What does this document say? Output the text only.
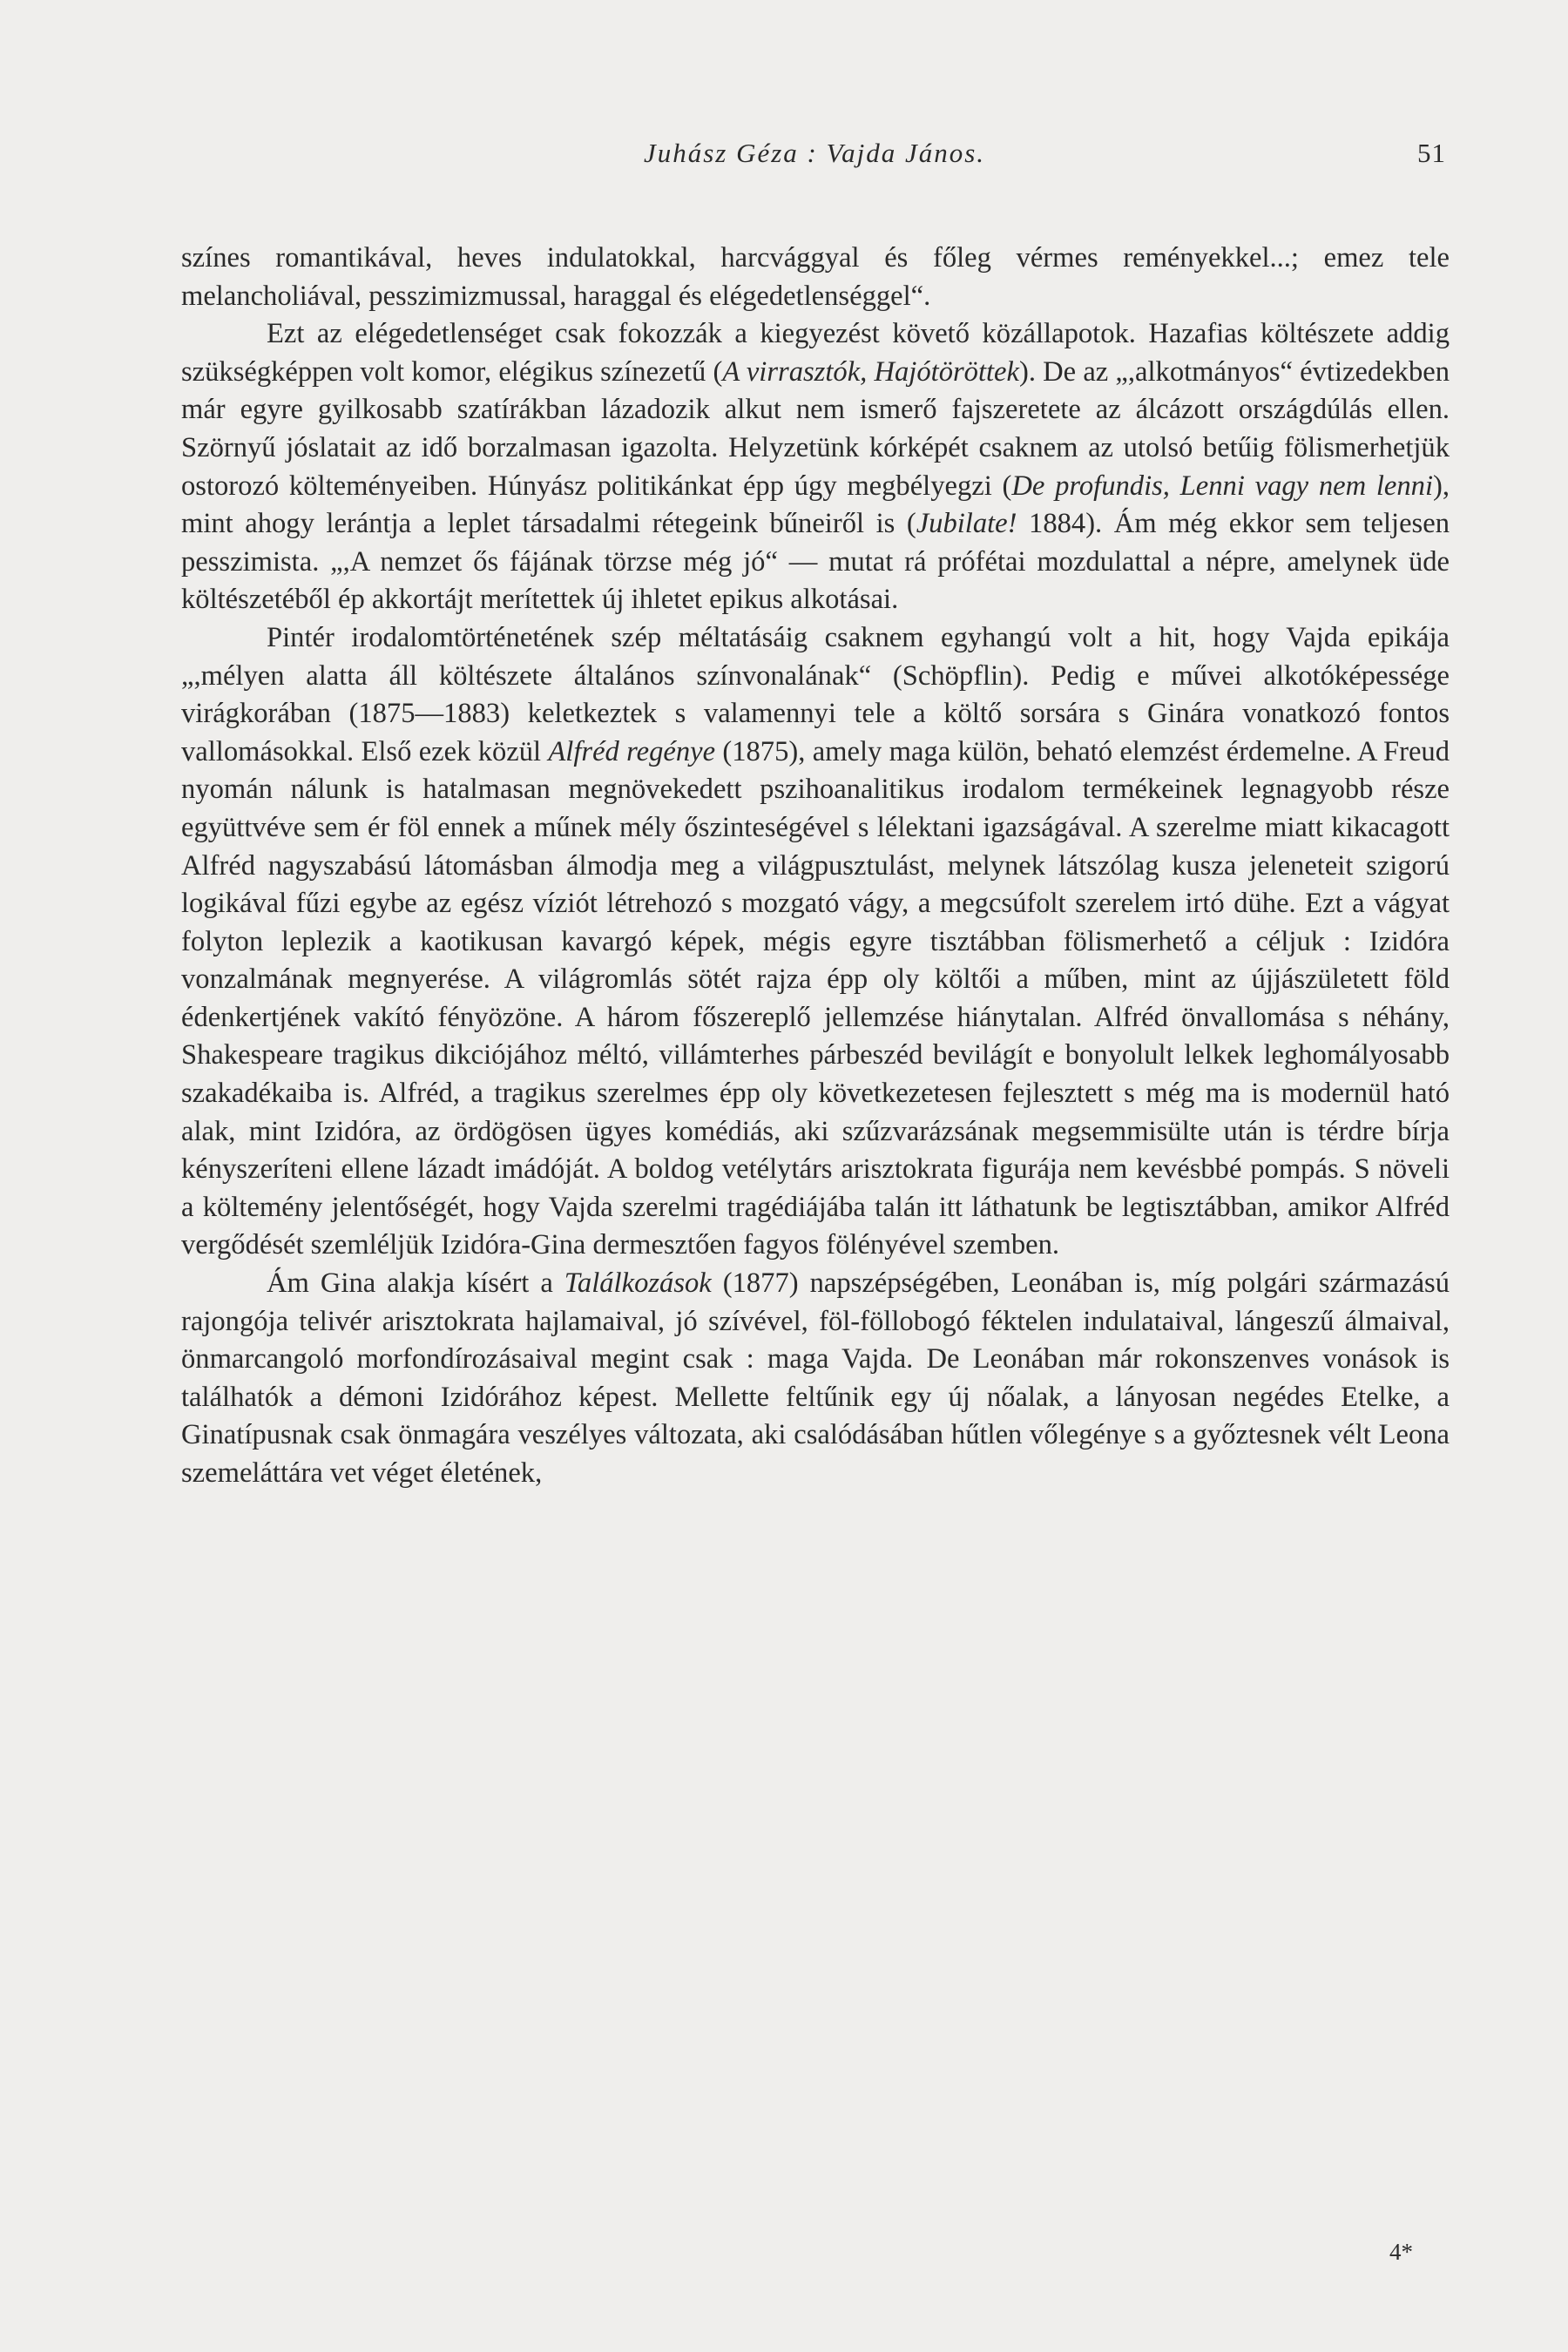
Juhász Géza : Vajda János.	51

színes romantikával, heves indulatokkal, harcvággyal és főleg vérmes reményekkel...; emez tele melancholiával, pesszimizmussal, haraggal és elégedetlenséggel“.

Ezt az elégedetlenséget csak fokozzák a kiegyezést követő közállapotok. Hazafias költészete addig szükségképpen volt komor, elégikus színezetű (A virrasztók, Hajótöröttek). De az „,alkotmányos“ évtizedekben már egyre gyilkosabb szatírákban lázadozik alkut nem ismerő fajszeretete az álcázott országdúlás ellen. Szörnyű jóslatait az idő borzalmasan igazolta. Helyzetünk kórképét csaknem az utolsó betűig fölismerhetjük ostorozó költeményeiben. Húnyász politikánkat épp úgy megbélyegzi (De profundis, Lenni vagy nem lenni), mint ahogy lerántja a leplet társadalmi rétegeink bűneiről is (Jubilate! 1884). Ám még ekkor sem teljesen pesszimista. „,A nemzet ős fájának törzse még jó“ — mutat rá prófétai mozdulattal a népre, amelynek üde költészetéből ép akkortájt merítettek új ihletet epikus alkotásai.

Pintér irodalomtörténetének szép méltatásáig csaknem egyhangú volt a hit, hogy Vajda epikája „,mélyen alatta áll költészete általános színvonalának“ (Schöpflin). Pedig e művei alkotóképessége virágkorában (1875—1883) keletkeztek s valamennyi tele a költő sorsára s Ginára vonatkozó fontos vallomásokkal. Első ezek közül Alfréd regénye (1875), amely maga külön, beható elemzést érdemelne. A Freud nyomán nálunk is hatalmasan megnövekedett pszihoanalitikus irodalom termékeinek legnagyobb része együttvéve sem ér föl ennek a műnek mély őszinteségével s lélektani igazságával. A szerelme miatt kikacagott Alfréd nagyszabású látomásban álmodja meg a világpusztulást, melynek látszólag kusza jeleneteit szigorú logikával fűzi egybe az egész víziót létrehozó s mozgató vágy, a megcsúfolt szerelem irtó dühe. Ezt a vágyat folyton leplezik a kaotikusan kavargó képek, mégis egyre tisztábban fölismerhető a céljuk : Izidóra vonzalmának megnyerése. A világromlás sötét rajza épp oly költői a műben, mint az újjászületett föld édenkertjének vakító fényözöne. A három főszereplő jellemzése hiánytalan. Alfréd önvallomása s néhány, Shakespeare tragikus dikciójához méltó, villámterhes párbeszéd bevilágít e bonyolult lelkek leghomályosabb szakadékaiba is. Alfréd, a tragikus szerelmes épp oly következetesen fejlesztett s még ma is modernül ható alak, mint Izidóra, az ördögösen ügyes komédiás, aki szűzvarázsának megsemmisülte után is térdre bírja kényszeríteni ellene lázadt imádóját. A boldog vetélytárs arisztokrata figurája nem kevésbbé pompás. S növeli a költemény jelentőségét, hogy Vajda szerelmi tragédiájába talán itt láthatunk be legtisztábban, amikor Alfréd vergődését szemléljük Izidóra-Gina dermesztően fagyos fölényével szemben.

Ám Gina alakja kísért a Találkozások (1877) napszépségében, Leonában is, míg polgári származású rajongója telivér arisztokrata hajlamaival, jó szívével, föl-föllobogó féktelen indulataival, lángeszű álmaival, önmarcangoló morfondírozásaival megint csak : maga Vajda. De Leonában már rokonszenves vonások is találhatók a démoni Izidórához képest. Mellette feltűnik egy új nőalak, a lányosan negédes Etelke, a Ginatípusnak csak önmagára veszélyes változata, aki csalódásában hűtlen vőlegénye s a győztesnek vélt Leona szemeláttára vet véget életének,

4*
